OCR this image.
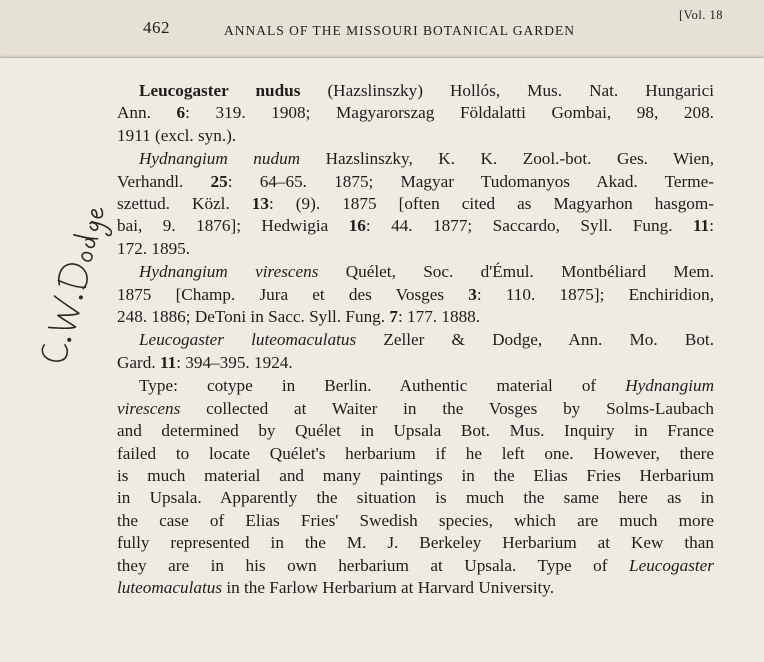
462	ANNALS OF THE MISSOURI BOTANICAL GARDEN
[Vol. 18

Leucogaster nudus (Hazslinszky) Hollós, Mus. Nat. Hungarici
Ann. 6: 319. 1908; Magyarorszag Földalatti Gombai, 98, 208.
1911 (excl. syn.).

Hydnangium nudum Hazslinszky, K. K. Zool.-bot. Ges. Wien,
Verhandl. 25: 64–65. 1875; Magyar Tudomanyos Akad. Terme-
szettud. Közl. 13: (9). 1875 [often cited as Magyarhon hasgom-
bai, 9. 1876]; Hedwigia 16: 44. 1877; Saccardo, Syll. Fung. 11:
172. 1895.

Hydnangium virescens Quélet, Soc. d'Émul. Montbéliard Mem.
1875 [Champ. Jura et des Vosges 3: 110. 1875]; Enchiridion,
248. 1886; DeToni in Sacc. Syll. Fung. 7: 177. 1888.

Leucogaster luteomaculatus Zeller & Dodge, Ann. Mo. Bot.
Gard. 11: 394–395. 1924.

Type: cotype in Berlin. Authentic material of Hydnangium
virescens collected at Waiter in the Vosges by Solms-Laubach
and determined by Quélet in Upsala Bot. Mus. Inquiry in France
failed to locate Quélet's herbarium if he left one. However, there
is much material and many paintings in the Elias Fries Herbarium
in Upsala. Apparently the situation is much the same here as in
the case of Elias Fries' Swedish species, which are much more
fully represented in the M. J. Berkeley Herbarium at Kew than
they are in his own herbarium at Upsala. Type of Leucogaster
luteomaculatus in the Farlow Herbarium at Harvard University.
